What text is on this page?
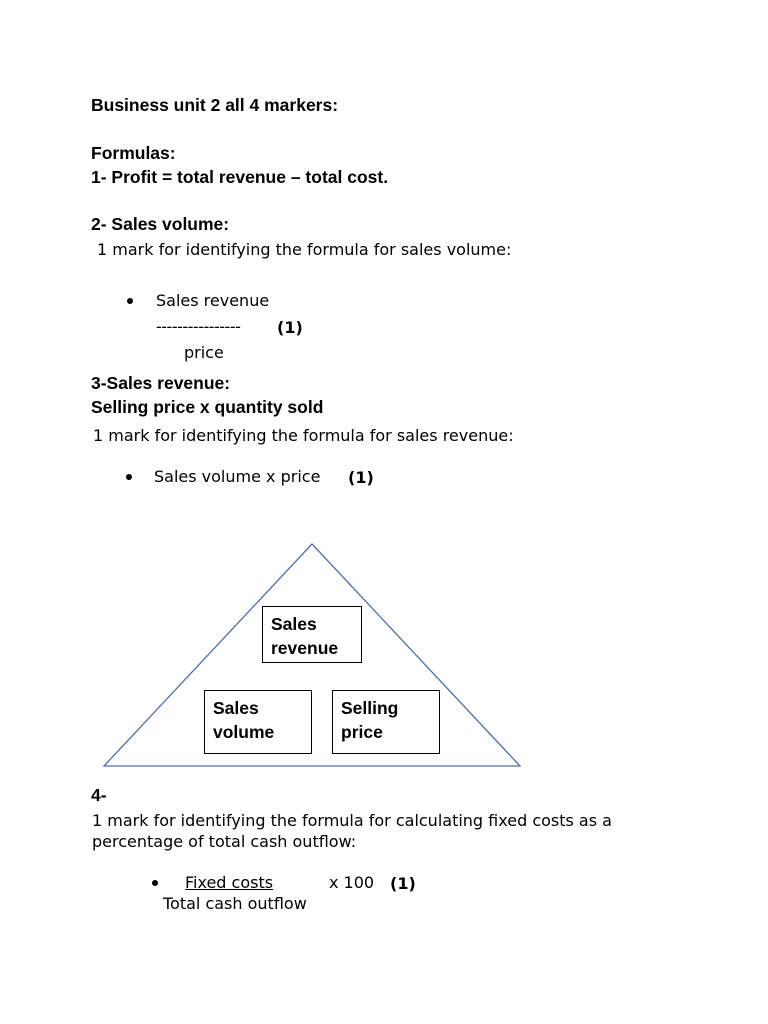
Business unit 2 all 4 markers:
Formulas:
1- Profit = total revenue – total cost.
2- Sales volume:
1 mark for identifying the formula for sales volume:
Sales revenue
---------------- (1)
price
3-Sales revenue:
Selling price x quantity sold
1 mark for identifying the formula for sales revenue:
Sales volume x price (1)
Sales
revenue
Sales
volume
Selling
price
4-
1 mark for identifying the formula for calculating fixed costs as a
percentage of total cash outflow:
Fixed costs	x 100 (1)
Total cash outflow
